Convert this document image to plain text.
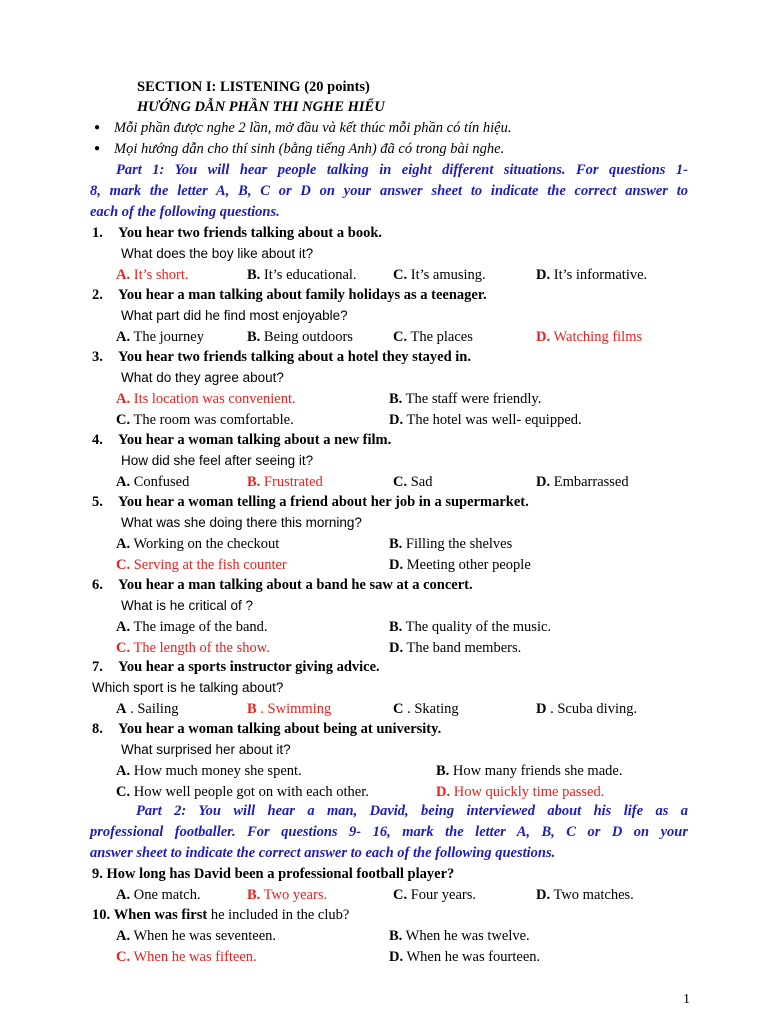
SECTION I: LISTENING (20 points)
HƯỚNG DẪN PHẦN THI NGHE HIỂU
● Mỗi phần được nghe 2 lần, mở đầu và kết thúc mỗi phần có tín hiệu.
● Mọi hướng dẫn cho thí sinh (bằng tiếng Anh) đã có trong bài nghe.
Part 1: You will hear people talking in eight different situations. For questions 1-
8, mark the letter A, B, C or D on your answer sheet to indicate the correct answer to
each of the following questions.
1. You hear two friends talking about a book.
What does the boy like about it?
A. It’s short.	B. It’s educational.	C. It’s amusing.	D. It’s informative.
2. You hear a man talking about family holidays as a teenager.
What part did he find most enjoyable?
A. The journey	B. Being outdoors	C. The places	D. Watching films
3. You hear two friends talking about a hotel they stayed in.
What do they agree about?
A. Its location was convenient.	B. The staff were friendly.
C. The room was comfortable.	D. The hotel was well- equipped.
4. You hear a woman talking about a new film.
How did she feel after seeing it?
A. Confused	B. Frustrated	C. Sad	D. Embarrassed
5. You hear a woman telling a friend about her job in a supermarket.
What was she doing there this morning?
A. Working on the checkout	B. Filling the shelves
C. Serving at the fish counter	D. Meeting other people
6. You hear a man talking about a band he saw at a concert.
What is he critical of ?
A. The image of the band.	B. The quality of the music.
C. The length of the show.	D. The band members.
7. You hear a sports instructor giving advice.
Which sport is he talking about?
A . Sailing	B . Swimming	C . Skating	D . Scuba diving.
8. You hear a woman talking about being at university.
What surprised her about it?
A. How much money she spent.	B. How many friends she made.
C. How well people got on with each other.	D. How quickly time passed.
Part 2: You will hear a man, David, being interviewed about his life as a
professional footballer. For questions 9- 16, mark the letter A, B, C or D on your
answer sheet to indicate the correct answer to each of the following questions.
9. How long has David been a professional football player?
A. One match.	B. Two years.	C. Four years.	D. Two matches.
10. When was first he included in the club?
A. When he was seventeen.	B. When he was twelve.
C. When he was fifteen.	D. When he was fourteen.
1
